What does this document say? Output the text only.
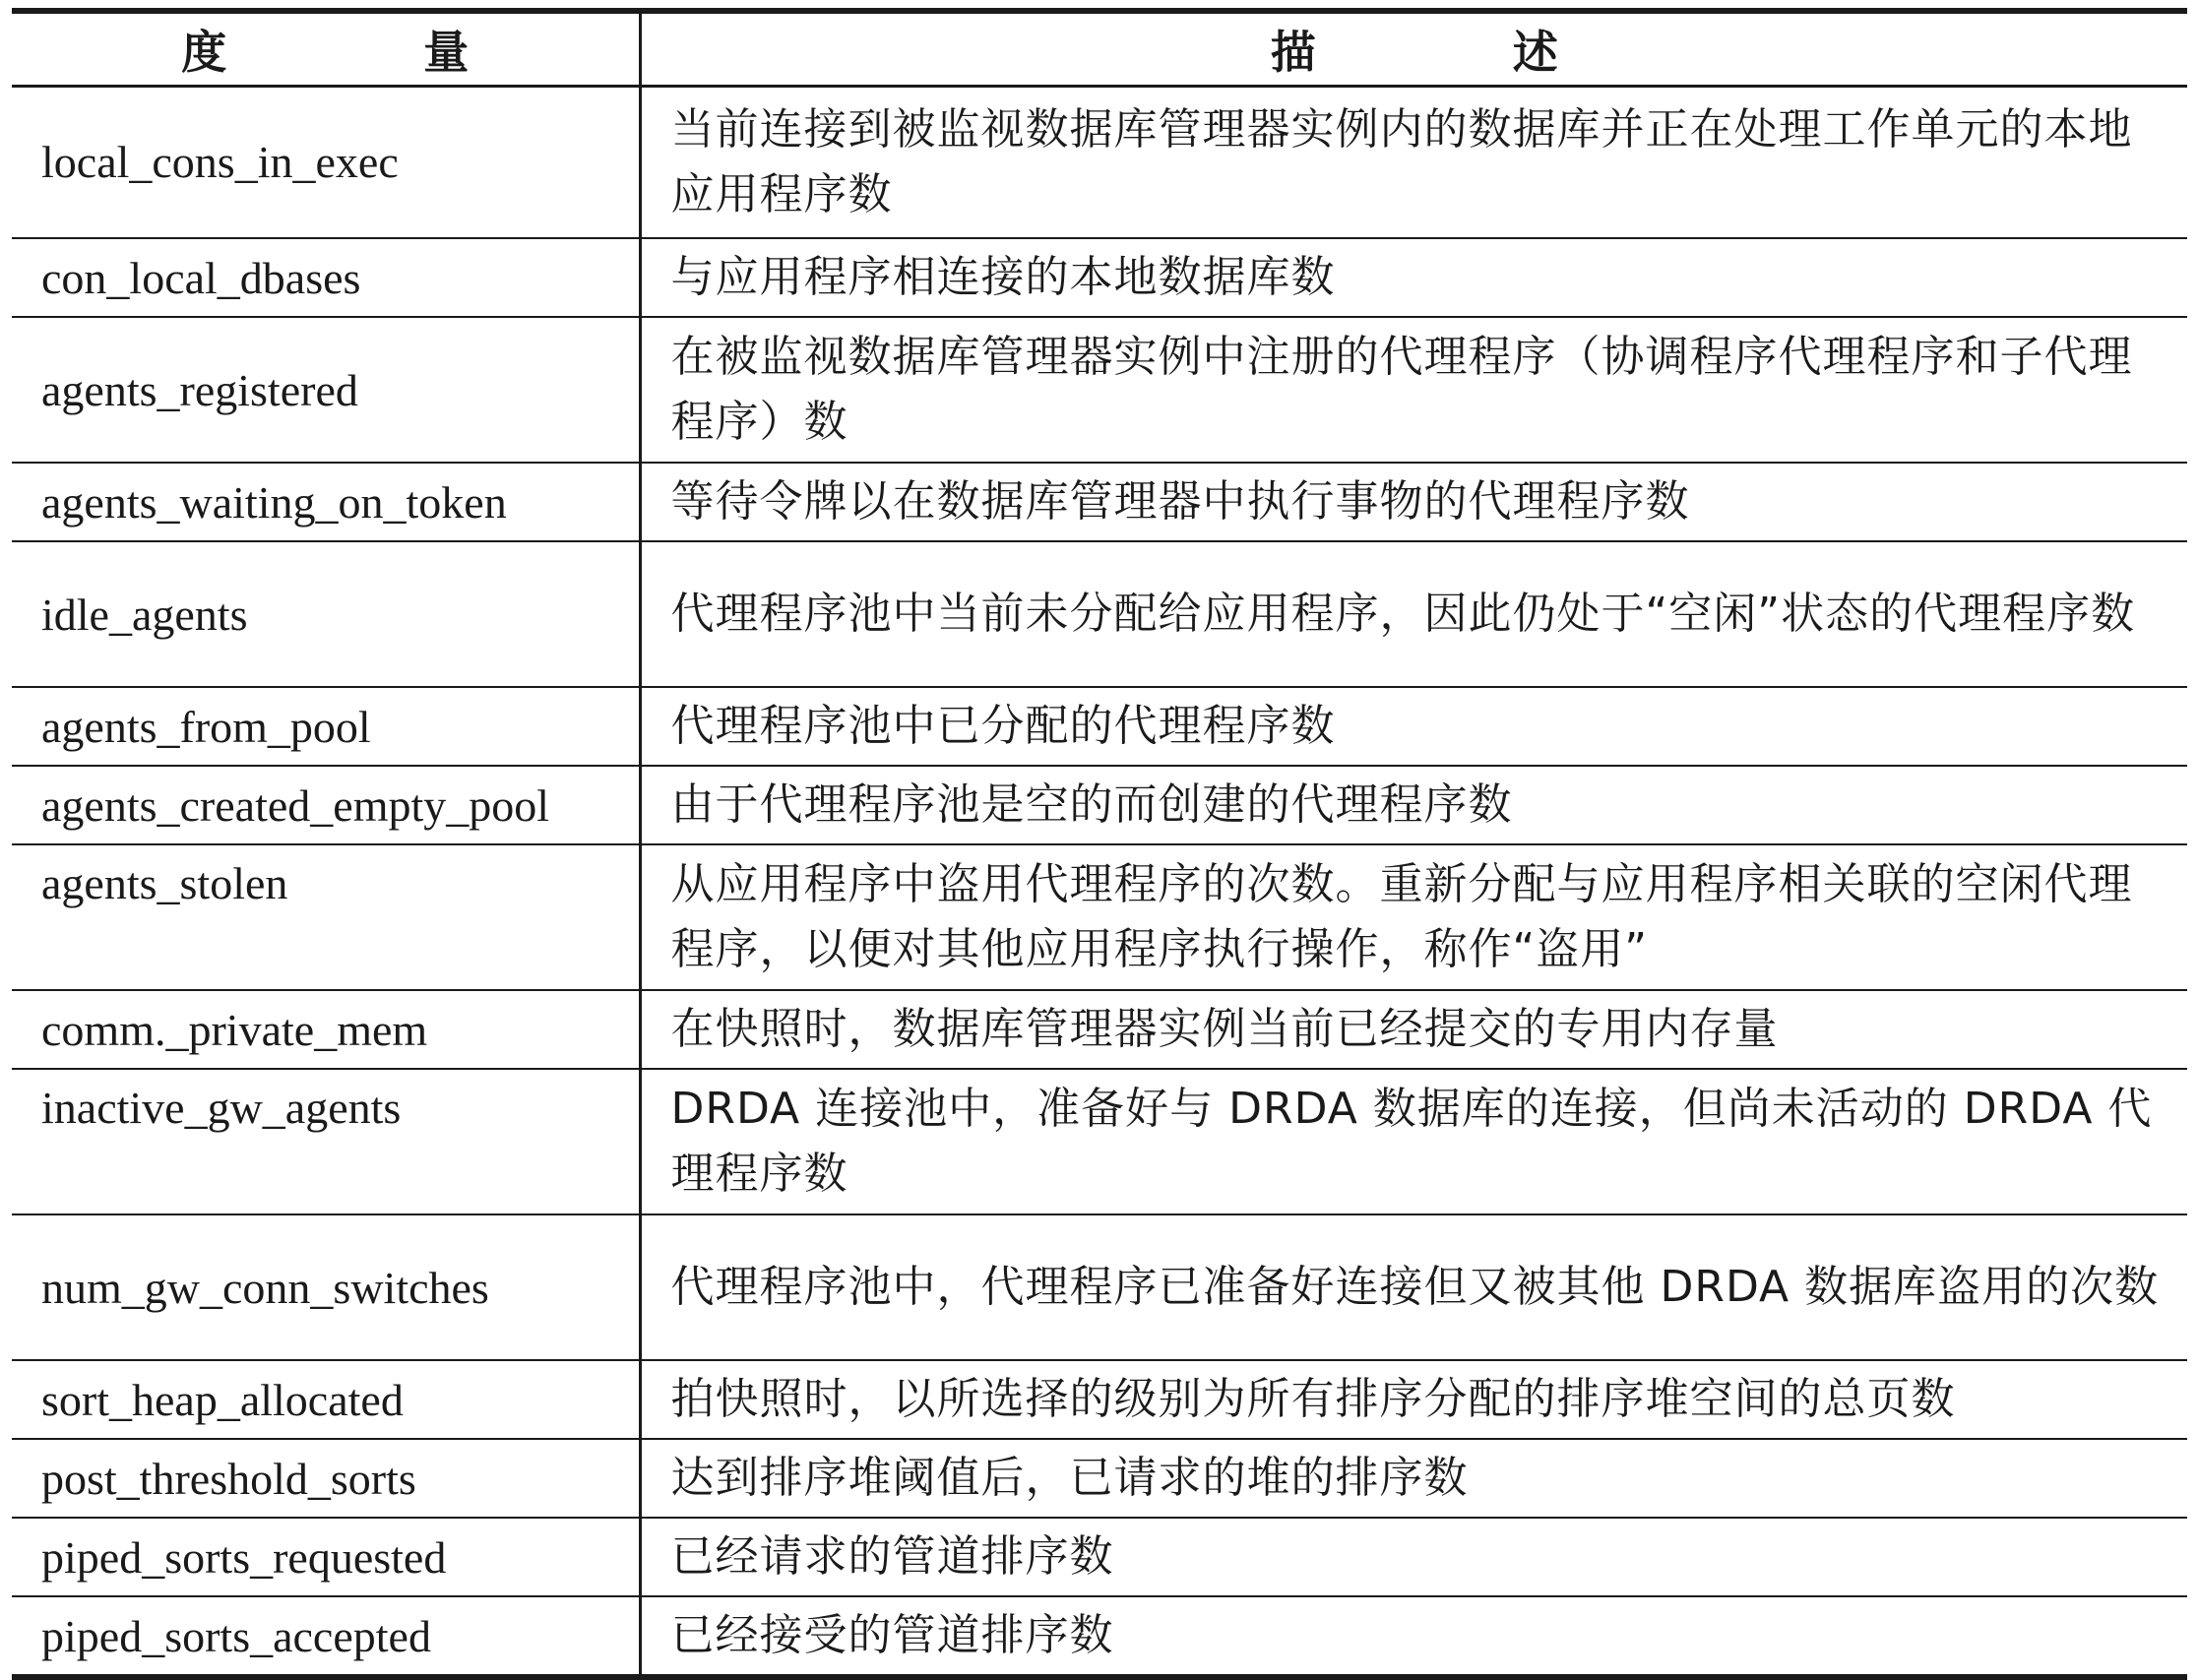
度 量	描 述
local_cons_in_exec	当前连接到被监视数据库管理器实例内的数据库并正在处理工作单元的本地应用程序数
con_local_dbases	与应用程序相连接的本地数据库数
agents_registered	在被监视数据库管理器实例中注册的代理程序（协调程序代理程序和子代理程序）数
agents_waiting_on_token	等待令牌以在数据库管理器中执行事物的代理程序数
idle_agents	代理程序池中当前未分配给应用程序，因此仍处于“空闲”状态的代理程序数
agents_from_pool	代理程序池中已分配的代理程序数
agents_created_empty_pool	由于代理程序池是空的而创建的代理程序数
agents_stolen	从应用程序中盗用代理程序的次数。重新分配与应用程序相关联的空闲代理程序，以便对其他应用程序执行操作，称作“盗用”
comm._private_mem	在快照时，数据库管理器实例当前已经提交的专用内存量
inactive_gw_agents	DRDA 连接池中，准备好与 DRDA 数据库的连接，但尚未活动的 DRDA 代理程序数
num_gw_conn_switches	代理程序池中，代理程序已准备好连接但又被其他 DRDA 数据库盗用的次数
sort_heap_allocated	拍快照时，以所选择的级别为所有排序分配的排序堆空间的总页数
post_threshold_sorts	达到排序堆阈值后，已请求的堆的排序数
piped_sorts_requested	已经请求的管道排序数
piped_sorts_accepted	已经接受的管道排序数
